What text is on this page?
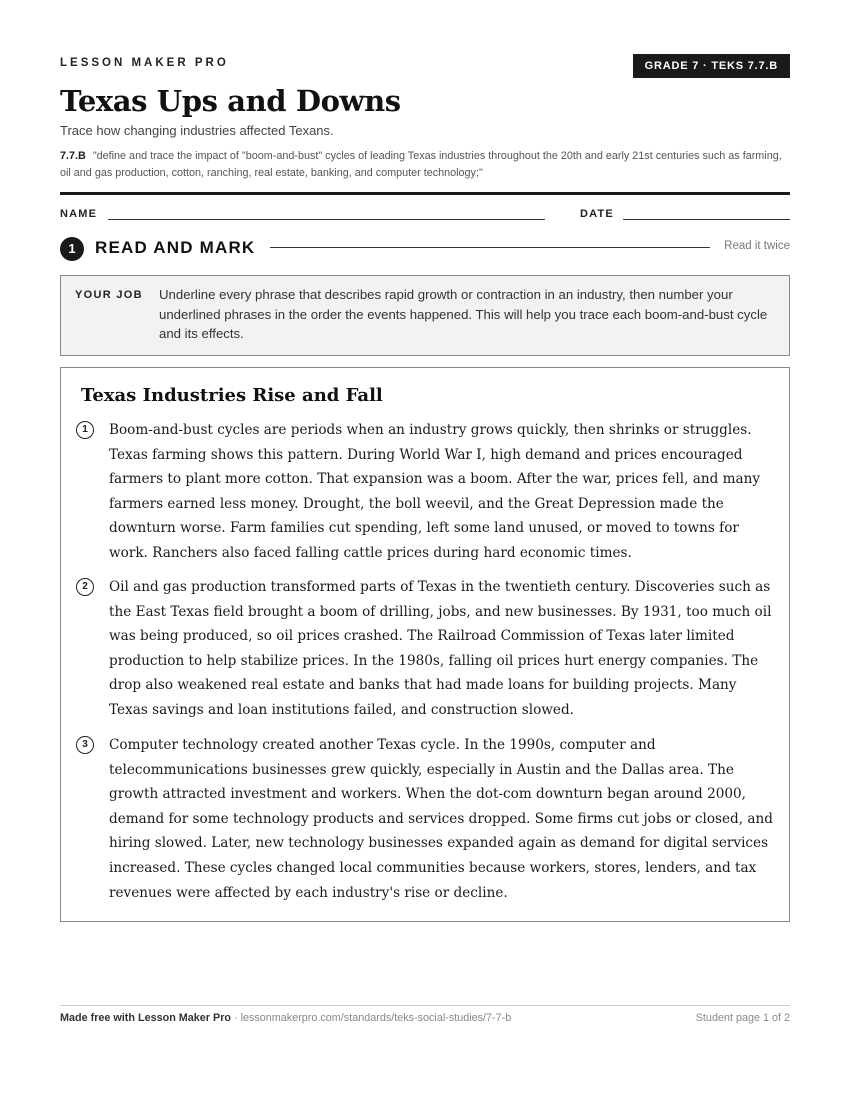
LESSON MAKER PRO	GRADE 7 · TEKS 7.7.B
Texas Ups and Downs
Trace how changing industries affected Texans.
7.7.B "define and trace the impact of "boom-and-bust" cycles of leading Texas industries throughout the 20th and early 21st centuries such as farming, oil and gas production, cotton, ranching, real estate, banking, and computer technology;"
NAME	DATE
1	READ AND MARK	Read it twice
YOUR JOB Underline every phrase that describes rapid growth or contraction in an industry, then number your underlined phrases in the order the events happened. This will help you trace each boom-and-bust cycle and its effects.
Texas Industries Rise and Fall
1	Boom-and-bust cycles are periods when an industry grows quickly, then shrinks or struggles. Texas farming shows this pattern. During World War I, high demand and prices encouraged farmers to plant more cotton. That expansion was a boom. After the war, prices fell, and many farmers earned less money. Drought, the boll weevil, and the Great Depression made the downturn worse. Farm families cut spending, left some land unused, or moved to towns for work. Ranchers also faced falling cattle prices during hard economic times.

2	Oil and gas production transformed parts of Texas in the twentieth century. Discoveries such as the East Texas field brought a boom of drilling, jobs, and new businesses. By 1931, too much oil was being produced, so oil prices crashed. The Railroad Commission of Texas later limited production to help stabilize prices. In the 1980s, falling oil prices hurt energy companies. The drop also weakened real estate and banks that had made loans for building projects. Many Texas savings and loan institutions failed, and construction slowed.

3	Computer technology created another Texas cycle. In the 1990s, computer and telecommunications businesses grew quickly, especially in Austin and the Dallas area. The growth attracted investment and workers. When the dot-com downturn began around 2000, demand for some technology products and services dropped. Some firms cut jobs or closed, and hiring slowed. Later, new technology businesses expanded again as demand for digital services increased. These cycles changed local communities because workers, stores, lenders, and tax revenues were affected by each industry's rise or decline.

Made free with Lesson Maker Pro · lessonmakerpro.com/standards/teks-social-studies/7-7-b	Student page 1 of 2
